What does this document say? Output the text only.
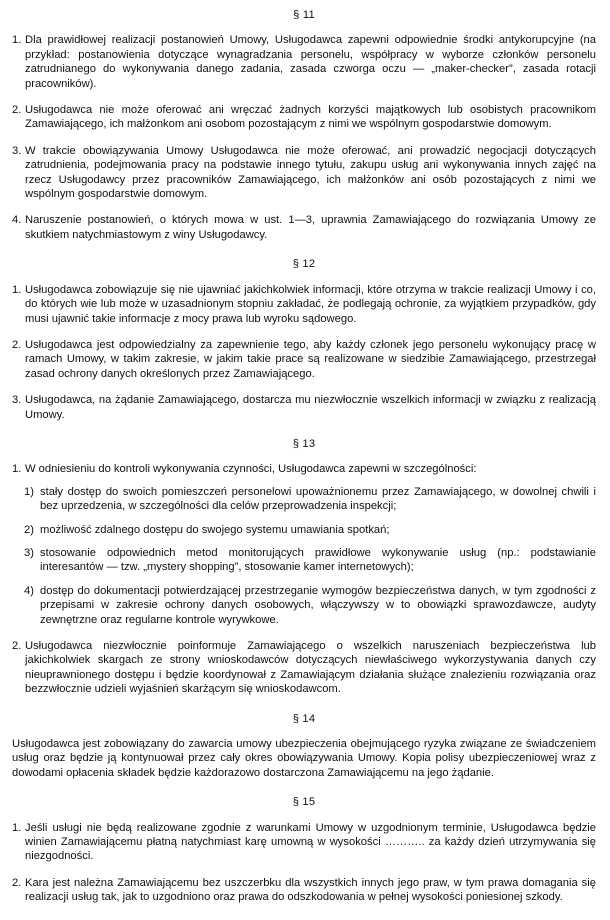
§ 11
1. Dla prawidłowej realizacji postanowień Umowy, Usługodawca zapewni odpowiednie środki antykorupcyjne (na przykład: postanowienia dotyczące wynagradzania personelu, współpracy w wyborze członków personelu zatrudnianego do wykonywania danego zadania, zasada czworga oczu — „maker-checker”, zasada rotacji pracowników).
2. Usługodawca nie może oferować ani wręczać żadnych korzyści majątkowych lub osobistych pracownikom Zamawiającego, ich małżonkom ani osobom pozostającym z nimi we wspólnym gospodarstwie domowym.
3. W trakcie obowiązywania Umowy Usługodawca nie może oferować, ani prowadzić negocjacji dotyczących zatrudnienia, podejmowania pracy na podstawie innego tytułu, zakupu usług ani wykonywania innych zajęć na rzecz Usługodawcy przez pracowników Zamawiającego, ich małżonków ani osób pozostających z nimi we wspólnym gospodarstwie domowym.
4. Naruszenie postanowień, o których mowa w ust. 1—3, uprawnia Zamawiającego do rozwiązania Umowy ze skutkiem natychmiastowym z winy Usługodawcy.
§ 12
1. Usługodawca zobowiązuje się nie ujawniać jakichkolwiek informacji, które otrzyma w trakcie realizacji Umowy i co, do których wie lub może w uzasadnionym stopniu zakładać, że podlegają ochronie, za wyjątkiem przypadków, gdy musi ujawnić takie informacje z mocy prawa lub wyroku sądowego.
2. Usługodawca jest odpowiedzialny za zapewnienie tego, aby każdy członek jego personelu wykonujący pracę w ramach Umowy, w takim zakresie, w jakim takie prace są realizowane w siedzibie Zamawiającego, przestrzegał zasad ochrony danych określonych przez Zamawiającego.
3. Usługodawca, na żądanie Zamawiającego, dostarcza mu niezwłocznie wszelkich informacji w związku z realizacją Umowy.
§ 13
1. W odniesieniu do kontroli wykonywania czynności, Usługodawca zapewni w szczególności:
1) stały dostęp do swoich pomieszczeń personelowi upoważnionemu przez Zamawiającego, w dowolnej chwili i bez uprzedzenia, w szczególności dla celów przeprowadzenia inspekcji;
2) możliwość zdalnego dostępu do swojego systemu umawiania spotkań;
3) stosowanie odpowiednich metod monitorujących prawidłowe wykonywanie usług (np.: podstawianie interesantów — tzw. „mystery shopping”, stosowanie kamer internetowych);
4) dostęp do dokumentacji potwierdzającej przestrzeganie wymogów bezpieczeństwa danych, w tym zgodności z przepisami w zakresie ochrony danych osobowych, włączywszy w to obowiązki sprawozdawcze, audyty zewnętrzne oraz regularne kontrole wyrywkowe.
2. Usługodawca niezwłocznie poinformuje Zamawiającego o wszelkich naruszeniach bezpieczeństwa lub jakichkolwiek skargach ze strony wnioskodawców dotyczących niewłaściwego wykorzystywania danych czy nieuprawnionego dostępu i będzie koordynował z Zamawiającym działania służące znalezieniu rozwiązania oraz bezzwłocznie udzieli wyjaśnień skarżącym się wnioskodawcom.
§ 14
Usługodawca jest zobowiązany do zawarcia umowy ubezpieczenia obejmującego ryzyka związane ze świadczeniem usług oraz będzie ją kontynuował przez cały okres obowiązywania Umowy. Kopia polisy ubezpieczeniowej wraz z dowodami opłacenia składek będzie każdorazowo dostarczona Zamawiającemu na jego żądanie.
§ 15
1. Jeśli usługi nie będą realizowane zgodnie z warunkami Umowy w uzgodnionym terminie, Usługodawca będzie winien Zamawiającemu płatną natychmiast karę umowną w wysokości ……….. za każdy dzień utrzymywania się niezgodności.
2. Kara jest należna Zamawiającemu bez uszczerbku dla wszystkich innych jego praw, w tym prawa domagania się realizacji usług tak, jak to uzgodniono oraz prawa do odszkodowania w pełnej wysokości poniesionej szkody.
